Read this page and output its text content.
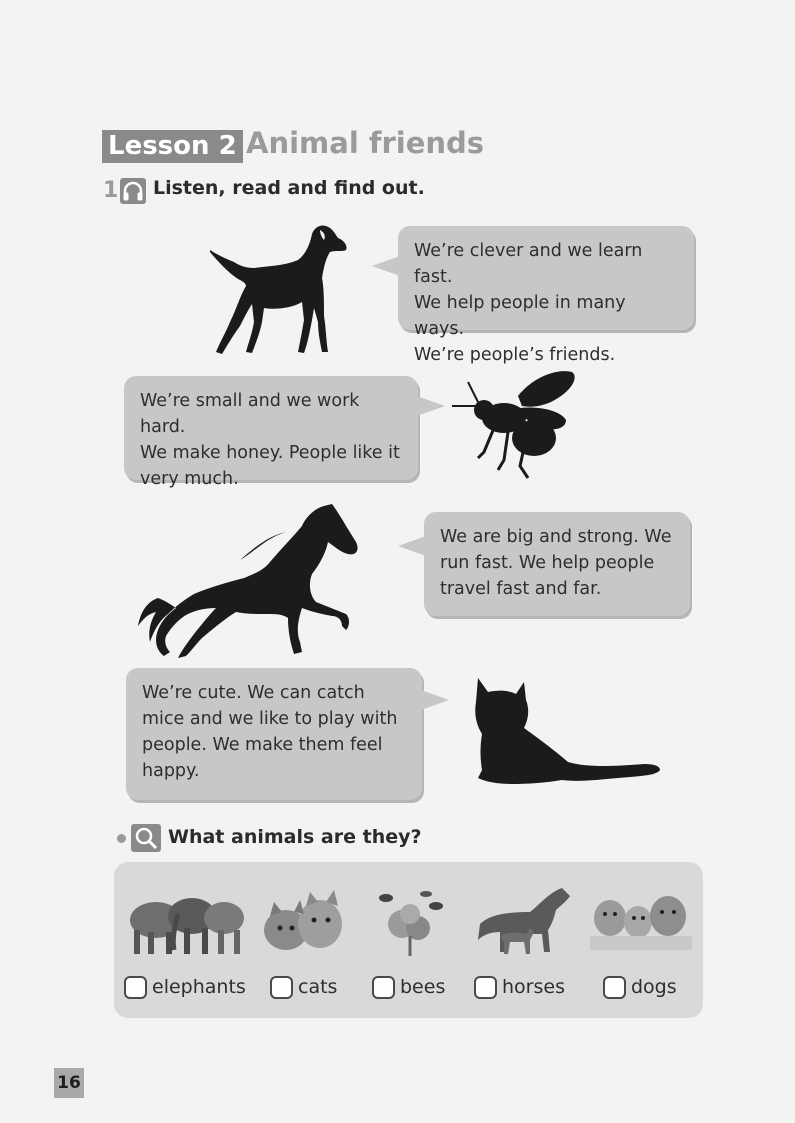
Lesson 2 Animal friends
1 Listen, read and find out.

We’re clever and we learn fast.

We help people in many ways.

We’re people’s friends.

We’re small and we work hard.

We make honey. People like it

very much.

We are big and strong. We

run fast. We help people

travel fast and far.

We’re cute. We can catch

mice and we like to play with

people. We make them feel

happy.

What animals are they?
elephants	cats	bees	horses	dogs
16
